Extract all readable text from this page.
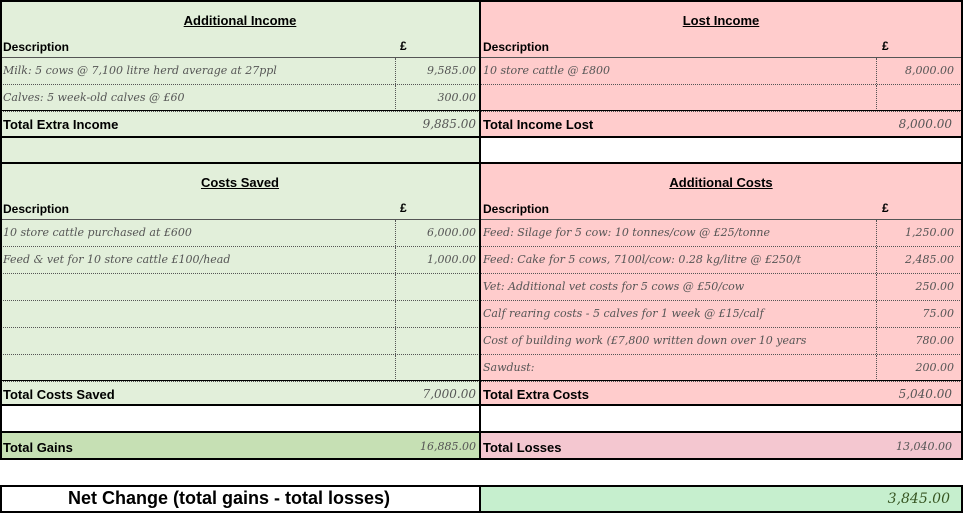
Additional Income
Description	£
Milk: 5 cows @ 7,100 litre herd average at 27ppl	9,585.00
Calves: 5 week-old calves @ £60	300.00
Total Extra Income	9,885.00
Lost Income
Description	£
10 store cattle @ £800	8,000.00
Total Income Lost	8,000.00
Costs Saved
Description	£
10 store cattle purchased at £600	6,000.00
Feed & vet for 10 store cattle £100/head	1,000.00
Total Costs Saved	7,000.00
Additional Costs
Description	£
Feed: Silage for 5 cow: 10 tonnes/cow @ £25/tonne	1,250.00
Feed: Cake for 5 cows, 7100l/cow: 0.28 kg/litre @ £250/t	2,485.00
Vet: Additional vet costs for 5 cows @ £50/cow	250.00
Calf rearing costs - 5 calves for 1 week @ £15/calf	75.00
Cost of building work (£7,800 written down over 10 years	780.00
Sawdust:	200.00
Total Extra Costs	5,040.00
Total Gains	16,885.00 Total Losses	13,040.00
Net Change (total gains - total losses)	3,845.00
